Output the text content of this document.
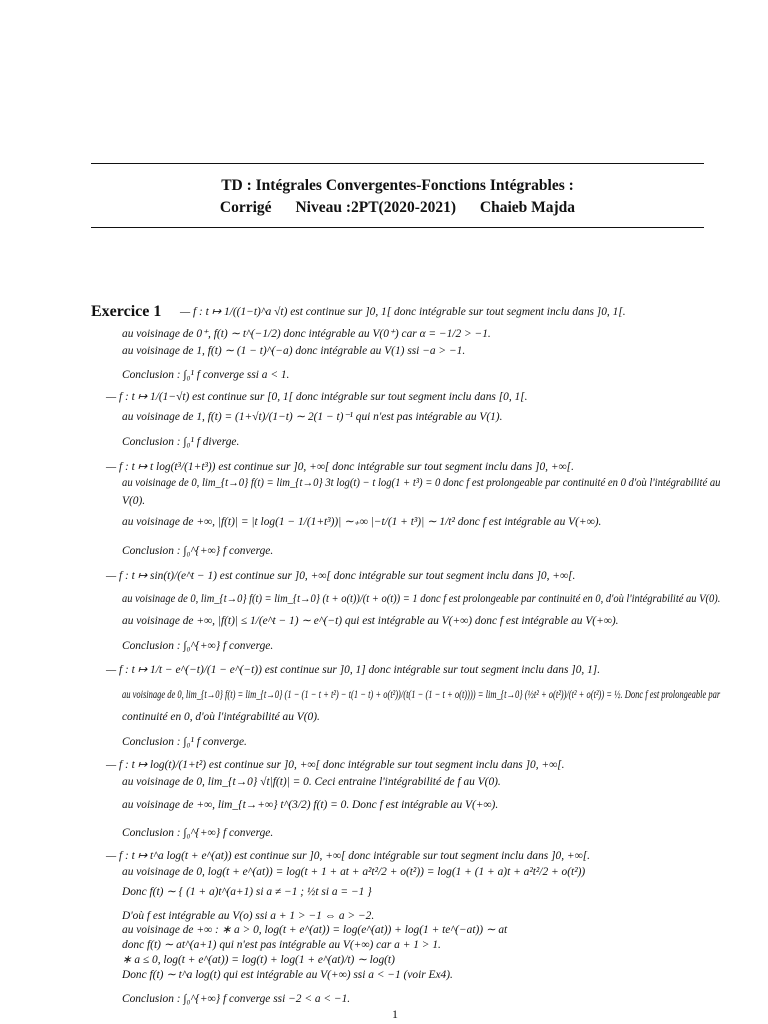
TD : Intégrales Convergentes-Fonctions Intégrables :
Corrigé Niveau :2PT(2020-2021) Chaieb Majda
Exercice 1 — f : t ↦ 1/((1−t)^a √t) est continue sur ]0, 1[ donc intégrable sur tout segment inclu dans ]0, 1[.
au voisinage de 0⁺, f(t) ∼ t^(−1/2) donc intégrable au V(0⁺) car α = −1/2 > −1.
au voisinage de 1, f(t) ∼ (1 − t)^(−a) donc intégrable au V(1) ssi −a > −1.
Conclusion : ∫₀¹ f converge ssi a < 1.
— f : t ↦ 1/(1−√t) est continue sur [0, 1[ donc intégrable sur tout segment inclu dans [0, 1[.
au voisinage de 1, f(t) = (1+√t)/(1−t) ∼ 2(1 − t)⁻¹ qui n'est pas intégrable au V(1).
Conclusion : ∫₀¹ f diverge.
— f : t ↦ t log(t³/(1+t³)) est continue sur ]0, +∞[ donc intégrable sur tout segment inclu dans ]0, +∞[.
au voisinage de 0, lim_{t→0} f(t) = lim_{t→0} 3t log(t) − t log(1 + t³) = 0 donc f est prolongeable par continuité en 0 d'où l'intégrabilité au
V(0).
au voisinage de +∞, |f(t)| = |t log(1 − 1/(1+t³))| ∼₊∞ |−t/(1 + t³)| ∼ 1/t² donc f est intégrable au V(+∞).
Conclusion : ∫₀^{+∞} f converge.
— f : t ↦ sin(t)/(e^t − 1) est continue sur ]0, +∞[ donc intégrable sur tout segment inclu dans ]0, +∞[.
au voisinage de 0, lim_{t→0} f(t) = lim_{t→0} (t + o(t))/(t + o(t)) = 1 donc f est prolongeable par continuité en 0, d'où l'intégrabilité au V(0).
au voisinage de +∞, |f(t)| ≤ 1/(e^t − 1) ∼ e^(−t) qui est intégrable au V(+∞) donc f est intégrable au V(+∞).
Conclusion : ∫₀^{+∞} f converge.
— f : t ↦ 1/t − e^(−t)/(1 − e^(−t)) est continue sur ]0, 1] donc intégrable sur tout segment inclu dans ]0, 1].
au voisinage de 0, lim_{t→0} f(t) = lim_{t→0} (1 − (1 − t + t²) − t(1 − t) + o(t²))/(t(1 − (1 − t + o(t)))) = lim_{t→0} (½t² + o(t²))/(t² + o(t²)) = ½. Donc f est prolongeable par
continuité en 0, d'où l'intégrabilité au V(0).
Conclusion : ∫₀¹ f converge.
— f : t ↦ log(t)/(1+t²) est continue sur ]0, +∞[ donc intégrable sur tout segment inclu dans ]0, +∞[.
au voisinage de 0, lim_{t→0} √t|f(t)| = 0. Ceci entraine l'intégrabilité de f au V(0).
au voisinage de +∞, lim_{t→+∞} t^(3/2) f(t) = 0. Donc f est intégrable au V(+∞).
Conclusion : ∫₀^{+∞} f converge.
— f : t ↦ t^a log(t + e^(at)) est continue sur ]0, +∞[ donc intégrable sur tout segment inclu dans ]0, +∞[.
au voisinage de 0, log(t + e^(at)) = log(t + 1 + at + a²t²/2 + o(t²)) = log(1 + (1 + a)t + a²t²/2 + o(t²))
Donc f(t) ∼ { (1 + a)t^(a+1) si a ≠ −1 ; ½t si a = −1 }
D'où f est intégrable au V(o) ssi a + 1 > −1 ⇔ a > −2.
au voisinage de +∞ : ∗ a > 0, log(t + e^(at)) = log(e^(at)) + log(1 + te^(−at)) ∼ at
donc f(t) ∼ at^(a+1) qui n'est pas intégrable au V(+∞) car a + 1 > 1.
∗ a ≤ 0, log(t + e^(at)) = log(t) + log(1 + e^(at)/t) ∼ log(t)
Donc f(t) ∼ t^a log(t) qui est intégrable au V(+∞) ssi a < −1 (voir Ex4).
Conclusion : ∫₀^{+∞} f converge ssi −2 < a < −1.
1
